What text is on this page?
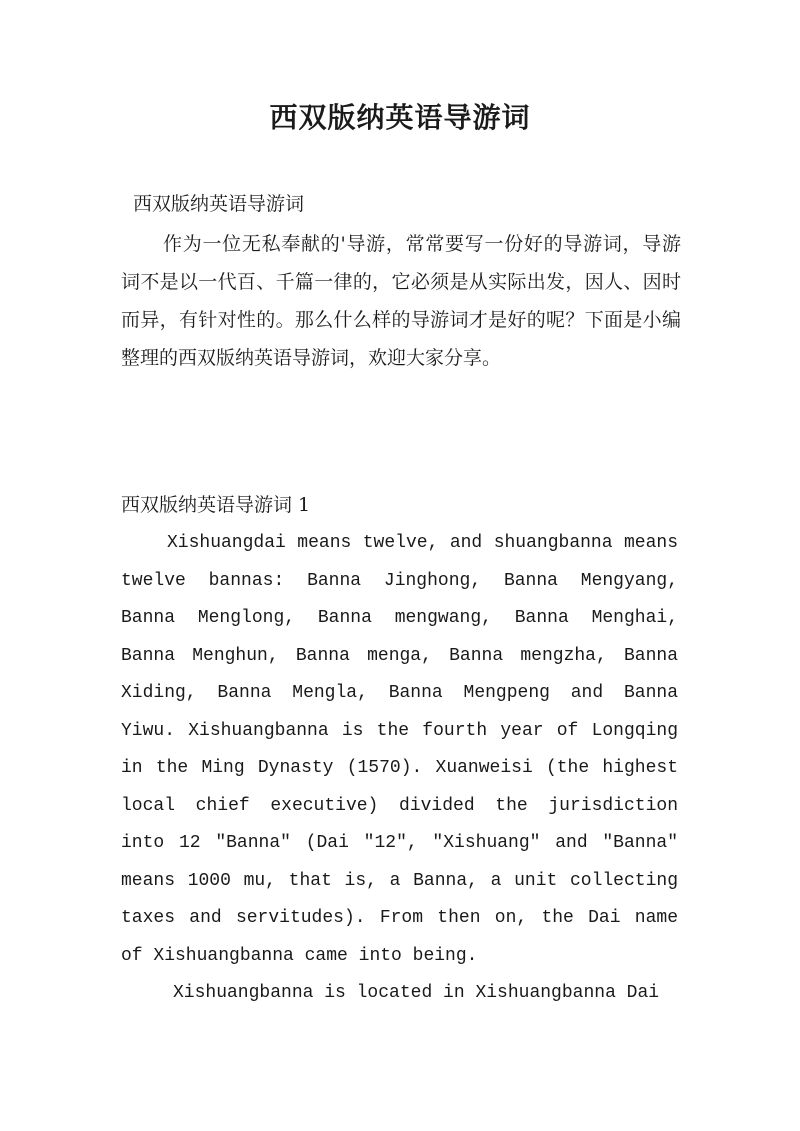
西双版纳英语导游词
西双版纳英语导游词

作为一位无私奉献的'导游，常常要写一份好的导游词，导游词不是以一代百、千篇一律的，它必须是从实际出发，因人、因时而异，有针对性的。那么什么样的导游词才是好的呢？下面是小编整理的西双版纳英语导游词，欢迎大家分享。

西双版纳英语导游词 1

Xishuangdai means twelve, and shuangbanna means twelve bannas: Banna Jinghong, Banna Mengyang, Banna Menglong, Banna mengwang, Banna Menghai, Banna Menghun, Banna menga, Banna mengzha, Banna Xiding, Banna Mengla, Banna Mengpeng and Banna Yiwu. Xishuangbanna is the fourth year of Longqing in the Ming Dynasty (1570). Xuanweisi (the highest local chief executive) divided the jurisdiction into 12 "Banna" (Dai "12", "Xishuang" and "Banna" means 1000 mu, that is, a Banna, a unit collecting taxes and servitudes). From then on, the Dai name of Xishuangbanna came into being.

Xishuangbanna is located in Xishuangbanna Dai
